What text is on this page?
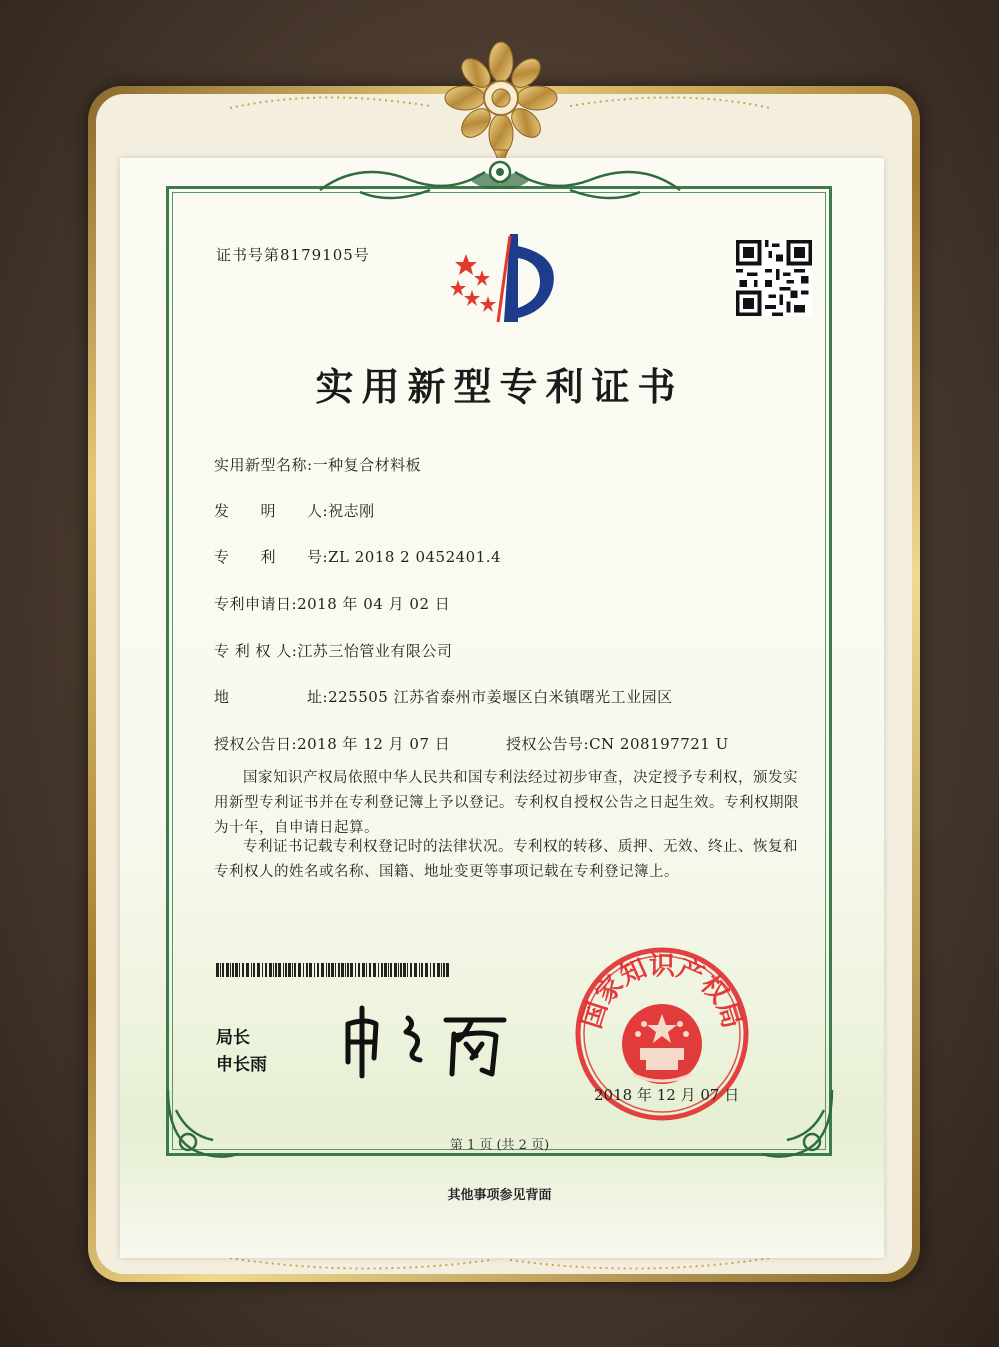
证书号第8179105号
实用新型专利证书
实用新型名称:一种复合材料板
发　　明　　人:祝志刚
专　　利　　号:ZL 2018 2 0452401.4
专利申请日:2018 年 04 月 02 日
专 利 权 人:江苏三怡管业有限公司
地　　　　　址:225505 江苏省泰州市姜堰区白米镇曙光工业园区
授权公告日:2018 年 12 月 07 日	授权公告号:CN 208197721 U
国家知识产权局依照中华人民共和国专利法经过初步审查，决定授予专利权，颁发实用新型专利证书并在专利登记簿上予以登记。专利权自授权公告之日起生效。专利权期限为十年，自申请日起算。
专利证书记载专利权登记时的法律状况。专利权的转移、质押、无效、终止、恢复和专利权人的姓名或名称、国籍、地址变更等事项记载在专利登记簿上。
局长
申长雨
国家知识产权局
2018 年 12 月 07 日
第 1 页 (共 2 页)
其他事项参见背面
